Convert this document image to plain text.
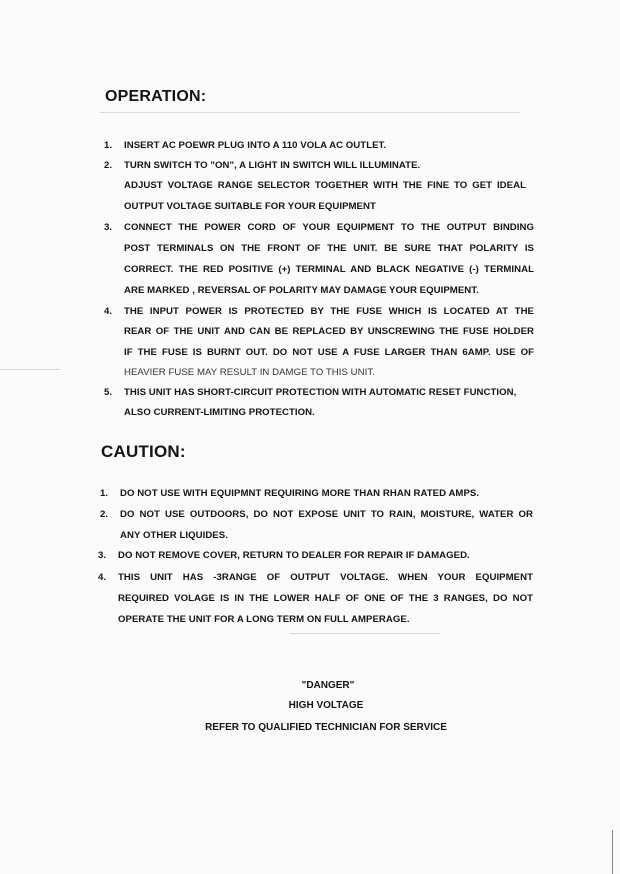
OPERATION:
1. INSERT AC POEWR PLUG INTO A 110 VOLA AC OUTLET.
2. TURN SWITCH TO "ON", A LIGHT IN SWITCH WILL ILLUMINATE.
ADJUST VOLTAGE RANGE SELECTOR TOGETHER WITH THE FINE TO GET IDEAL
OUTPUT VOLTAGE SUITABLE FOR YOUR EQUIPMENT
3. CONNECT THE POWER CORD OF YOUR EQUIPMENT TO THE OUTPUT BINDING
POST TERMINALS ON THE FRONT OF THE UNIT. BE SURE THAT POLARITY IS
CORRECT. THE RED POSITIVE (+) TERMINAL AND BLACK NEGATIVE (-) TERMINAL
ARE MARKED , REVERSAL OF POLARITY MAY DAMAGE YOUR EQUIPMENT.
4. THE INPUT POWER IS PROTECTED BY THE FUSE WHICH IS LOCATED AT THE
REAR OF THE UNIT AND CAN BE REPLACED BY UNSCREWING THE FUSE HOLDER
IF THE FUSE IS BURNT OUT. DO NOT USE A FUSE LARGER THAN 6AMP. USE OF
HEAVIER FUSE MAY RESULT IN DAMGE TO THIS UNIT.
5. THIS UNIT HAS SHORT-CIRCUIT PROTECTION WITH AUTOMATIC RESET FUNCTION,
ALSO CURRENT-LIMITING PROTECTION.
CAUTION:
1. DO NOT USE WITH EQUIPMNT REQUIRING MORE THAN RHAN RATED AMPS.
2. DO NOT USE OUTDOORS, DO NOT EXPOSE UNIT TO RAIN, MOISTURE, WATER OR
ANY OTHER LIQUIDES.
3. DO NOT REMOVE COVER, RETURN TO DEALER FOR REPAIR IF DAMAGED.
4. THIS UNIT HAS -3RANGE OF OUTPUT VOLTAGE. WHEN YOUR EQUIPMENT
REQUIRED VOLAGE IS IN THE LOWER HALF OF ONE OF THE 3 RANGES, DO NOT
OPERATE THE UNIT FOR A LONG TERM ON FULL AMPERAGE.
"DANGER"
HIGH VOLTAGE
REFER TO QUALIFIED TECHNICIAN FOR SERVICE
